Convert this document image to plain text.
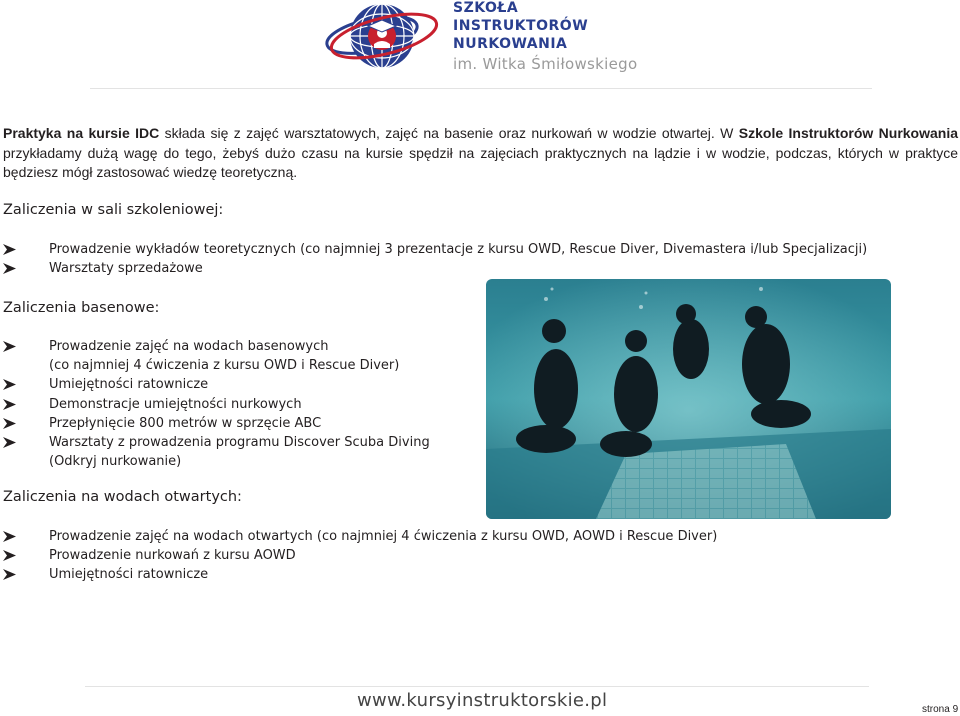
SZKOŁA
INSTRUKTORÓW
NURKOWANIA
im. Witka Śmiłowskiego
Praktyka na kursie IDC składa się z zajęć warsztatowych, zajęć na basenie oraz nurkowań w wodzie otwartej. W Szkole Instruktorów Nurkowania przykładamy dużą wagę do tego, żebyś dużo czasu na kursie spędził na zajęciach praktycznych na lądzie i w wodzie, podczas, których w praktyce będziesz mógł zastosować wiedzę teoretyczną.
Zaliczenia w sali szkoleniowej:
Prowadzenie wykładów teoretycznych (co najmniej 3 prezentacje z kursu OWD, Rescue Diver, Divemastera i/lub Specjalizacji)
Warsztaty sprzedażowe
Zaliczenia basenowe:
Prowadzenie zajęć na wodach basenowych
(co najmniej 4 ćwiczenia z kursu OWD i Rescue Diver)
Umiejętności ratownicze
Demonstracje umiejętności nurkowych
Przepłynięcie 800 metrów w sprzęcie ABC
Warsztaty z prowadzenia programu Discover Scuba Diving
(Odkryj nurkowanie)
Zaliczenia na wodach otwartych:
Prowadzenie zajęć na wodach otwartych (co najmniej 4 ćwiczenia z kursu OWD, AOWD i Rescue Diver)
Prowadzenie nurkowań z kursu AOWD
Umiejętności ratownicze
www.kursyinstruktorskie.pl	strona 9
